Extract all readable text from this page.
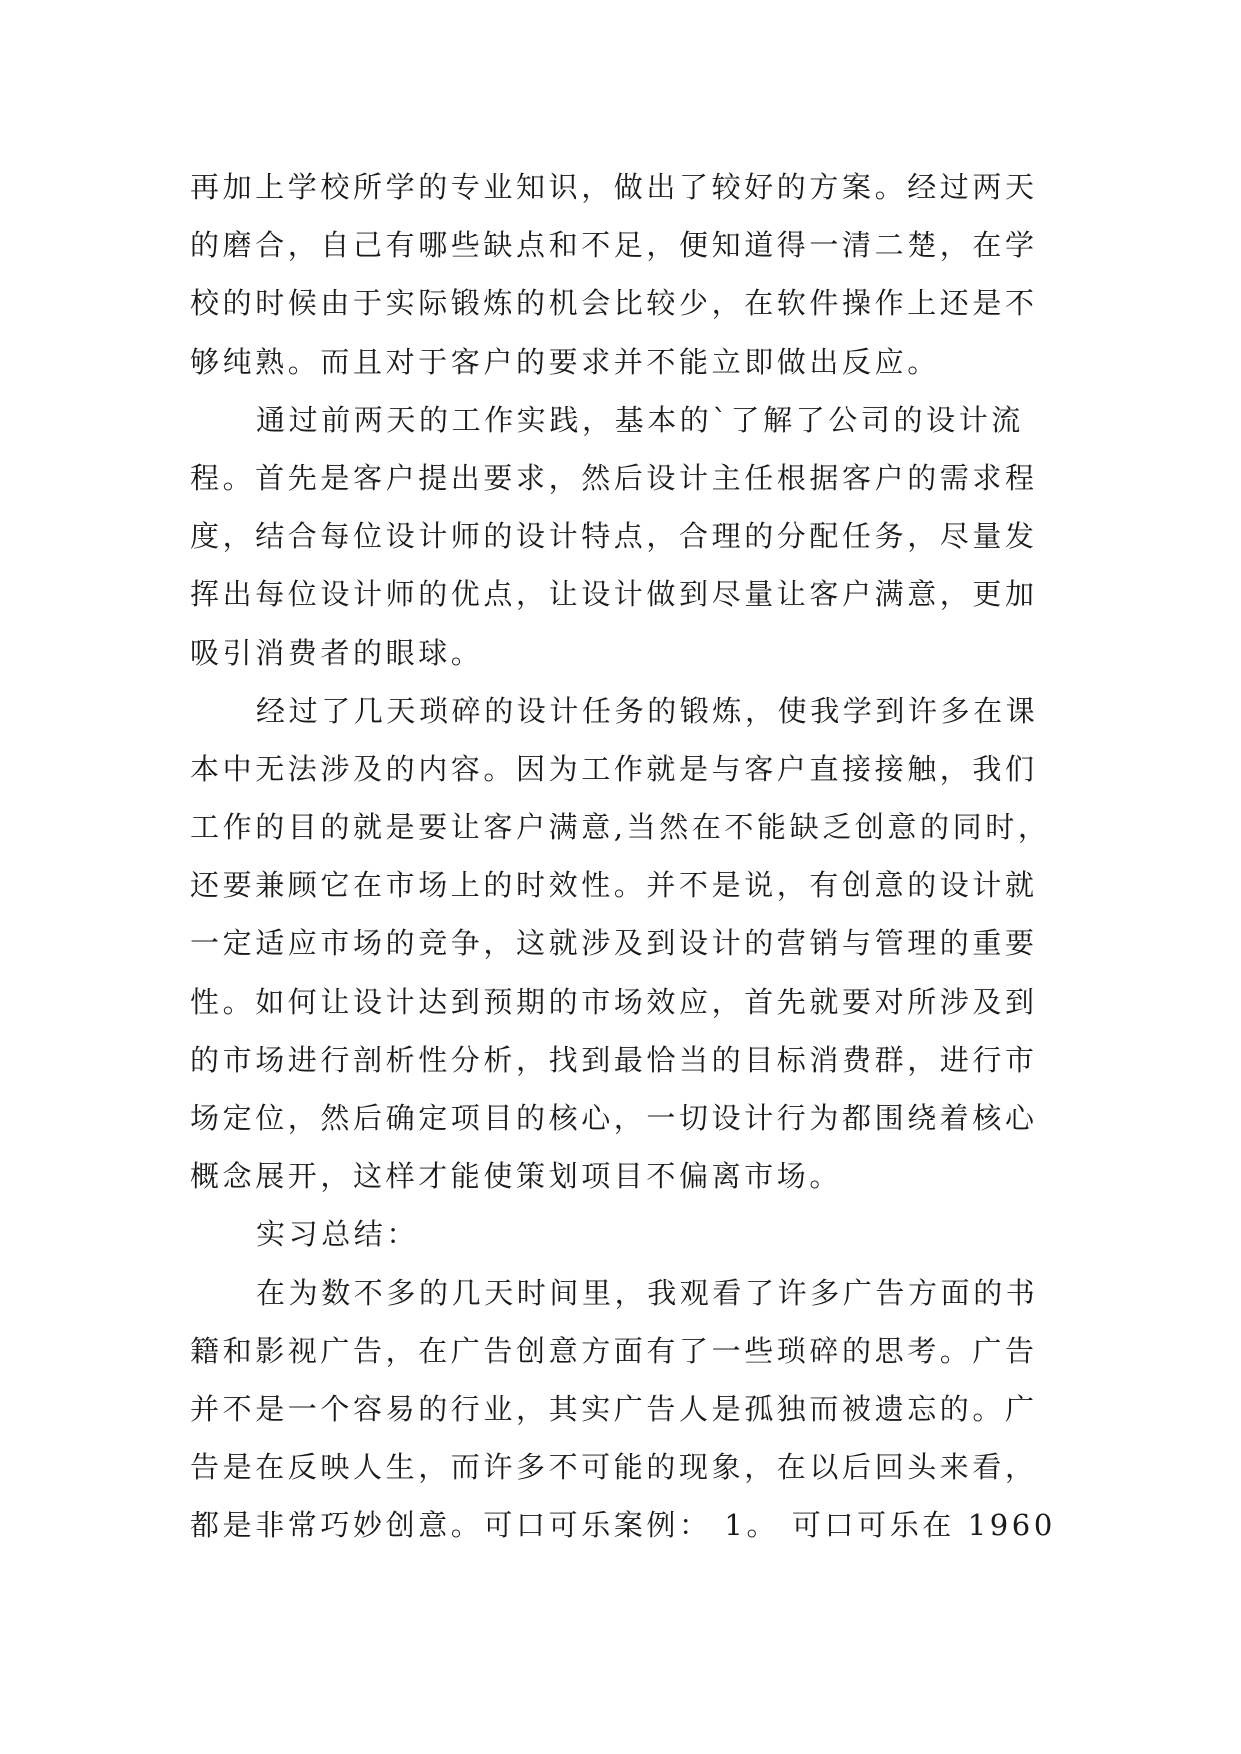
再加上学校所学的专业知识，做出了较好的方案。经过两天
的磨合，自己有哪些缺点和不足，便知道得一清二楚，在学
校的时候由于实际锻炼的机会比较少，在软件操作上还是不
够纯熟。而且对于客户的要求并不能立即做出反应。
通过前两天的工作实践，基本的`了解了公司的设计流
程。首先是客户提出要求，然后设计主任根据客户的需求程
度，结合每位设计师的设计特点，合理的分配任务，尽量发
挥出每位设计师的优点，让设计做到尽量让客户满意，更加
吸引消费者的眼球。
经过了几天琐碎的设计任务的锻炼，使我学到许多在课
本中无法涉及的内容。因为工作就是与客户直接接触，我们
工作的目的就是要让客户满意,当然在不能缺乏创意的同时，
还要兼顾它在市场上的时效性。并不是说，有创意的设计就
一定适应市场的竞争，这就涉及到设计的营销与管理的重要
性。如何让设计达到预期的市场效应，首先就要对所涉及到
的市场进行剖析性分析，找到最恰当的目标消费群，进行市
场定位，然后确定项目的核心，一切设计行为都围绕着核心
概念展开，这样才能使策划项目不偏离市场。
实习总结：
在为数不多的几天时间里，我观看了许多广告方面的书
籍和影视广告，在广告创意方面有了一些琐碎的思考。广告
并不是一个容易的行业，其实广告人是孤独而被遗忘的。广
告是在反映人生，而许多不可能的现象，在以后回头来看，
都是非常巧妙创意。可口可乐案例： 1。 可口可乐在 1960
